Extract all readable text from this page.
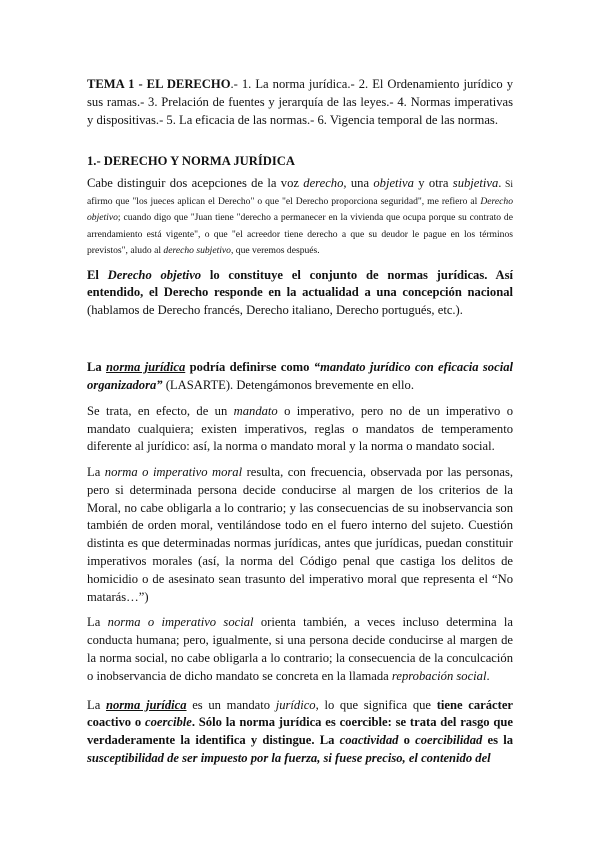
TEMA 1 - EL DERECHO.- 1. La norma jurídica.- 2. El Ordenamiento jurídico y sus ramas.- 3. Prelación de fuentes y jerarquía de las leyes.- 4. Normas imperativas y dispositivas.- 5. La eficacia de las normas.- 6. Vigencia temporal de las normas.

1.- DERECHO Y NORMA JURÍDICA

Cabe distinguir dos acepciones de la voz derecho, una objetiva y otra subjetiva. Si afirmo que "los jueces aplican el Derecho" o que "el Derecho proporciona seguridad", me refiero al Derecho objetivo; cuando digo que "Juan tiene "derecho a permanecer en la vivienda que ocupa porque su contrato de arrendamiento está vigente", o que "el acreedor tiene derecho a que su deudor le pague en los términos previstos", aludo al derecho subjetivo, que veremos después.

El Derecho objetivo lo constituye el conjunto de normas jurídicas. Así entendido, el Derecho responde en la actualidad a una concepción nacional (hablamos de Derecho francés, Derecho italiano, Derecho portugués, etc.).

La norma jurídica podría definirse como “mandato jurídico con eficacia social organizadora” (LASARTE). Detengámonos brevemente en ello.

Se trata, en efecto, de un mandato o imperativo, pero no de un imperativo o mandato cualquiera; existen imperativos, reglas o mandatos de temperamento diferente al jurídico: así, la norma o mandato moral y la norma o mandato social.

La norma o imperativo moral resulta, con frecuencia, observada por las personas, pero si determinada persona decide conducirse al margen de los criterios de la Moral, no cabe obligarla a lo contrario; y las consecuencias de su inobservancia son también de orden moral, ventilándose todo en el fuero interno del sujeto. Cuestión distinta es que determinadas normas jurídicas, antes que jurídicas, puedan constituir imperativos morales (así, la norma del Código penal que castiga los delitos de homicidio o de asesinato sean trasunto del imperativo moral que representa el “No matarás…”)

La norma o imperativo social orienta también, a veces incluso determina la conducta humana; pero, igualmente, si una persona decide conducirse al margen de la norma social, no cabe obligarla a lo contrario; la consecuencia de la conculcación o inobservancia de dicho mandato se concreta en la llamada reprobación social.

La norma jurídica es un mandato jurídico, lo que significa que tiene carácter coactivo o coercible. Sólo la norma jurídica es coercible: se trata del rasgo que verdaderamente la identifica y distingue. La coactividad o coercibilidad es la susceptibilidad de ser impuesto por la fuerza, si fuese preciso, el contenido del
